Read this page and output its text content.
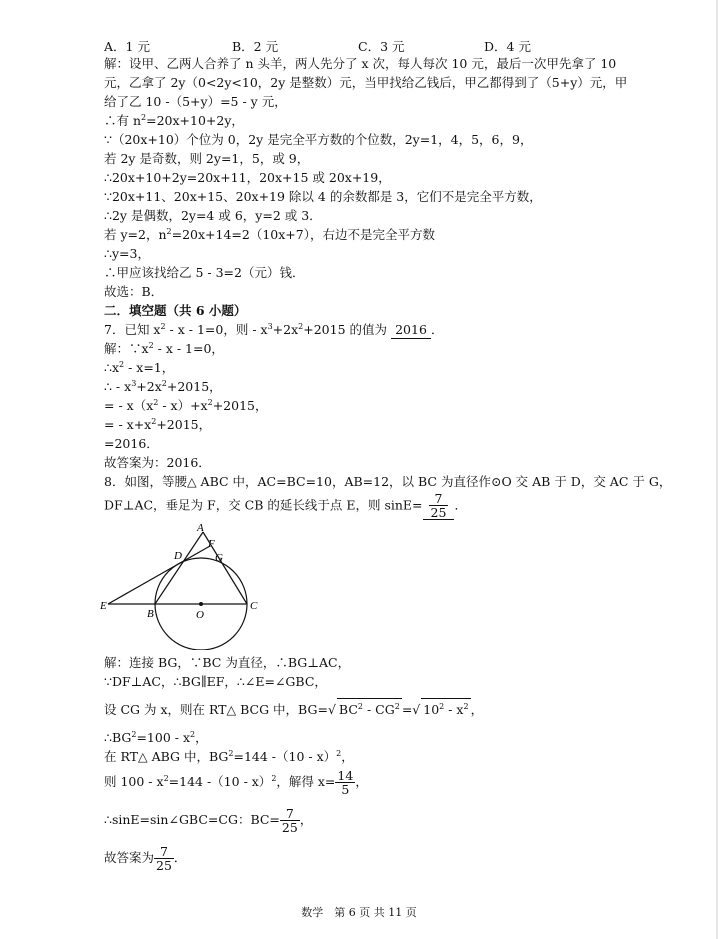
A．1 元	B．2 元	C．3 元	D．4 元
解：设甲、乙两人合养了 n 头羊，两人先分了 x 次，每人每次 10 元，最后一次甲先拿了 10
元，乙拿了 2y（0<2y<10，2y 是整数）元，当甲找给乙钱后，甲乙都得到了（5+y）元，甲
给了乙 10 -（5+y）=5 - y 元，
∴有 $n^2=20x+10+2y$，
∵（20x+10）个位为 0，2y 是完全平方数的个位数，2y=1，4，5，6，9，
若 2y 是奇数，则 2y=1，5，或 9，
∴20x+10+2y=20x+11，20x+15 或 20x+19，
∵20x+11、20x+15、20x+19 除以 4 的余数都是 3，它们不是完全平方数，
∴2y 是偶数，2y=4 或 6，y=2 或 3．
若 y=2，$n^2=20x+14=2(10x+7)$，右边不是完全平方数
∴y=3，
∴甲应该找给乙 5 - 3=2（元）钱．
故选：B．
二．填空题（共 6 小题）
7．已知 $x^2 - x - 1=0$，则 - $x^3+2x^2+2015$ 的值为 2016 ．
解：$\because x^2 - x - 1=0$，
$\therefore x^2 - x=1$，
∴ - $x^3+2x^2+2015$，
= - $x(x^2 - x)+x^2+2015$，
= - $x+x^2+2015$，
=2016．
故答案为：2016．
8．如图，等腰△ ABC 中，AC=BC=10，AB=12，以 BC 为直径作⊙O 交 AB 于 D，交 AC 于 G，
DF⊥AC，垂足为 F，交 CB 的延长线于点 E，则 $\sin E= \frac{7}{25}$ ．
A
F
D	G
E
B	O
C
解：连接 BG，∵BC 为直径，∴BG⊥AC，
∵DF⊥AC，∴BG∥EF，∴∠E=∠GBC，
设 CG 为 x，则在 RT△ BCG 中，BG=√ $BC^2 - CG^2$ =√ $10^2 - x^2$ ，
$\therefore BG^2=100 - x^2$，
在 RT△ ABG 中，$BG^2=144$ -（10 - x）$^2$，
则 $100 - x^2=144$ -（10 - x）$^2$，解得 $x= \frac{14}{5}$ ，
∴sinE=sin∠GBC=CG：$BC= \frac{7}{25}$ ，
故答案为 $\frac{7}{25}$ ．
数学　第 6 页 共 11 页
